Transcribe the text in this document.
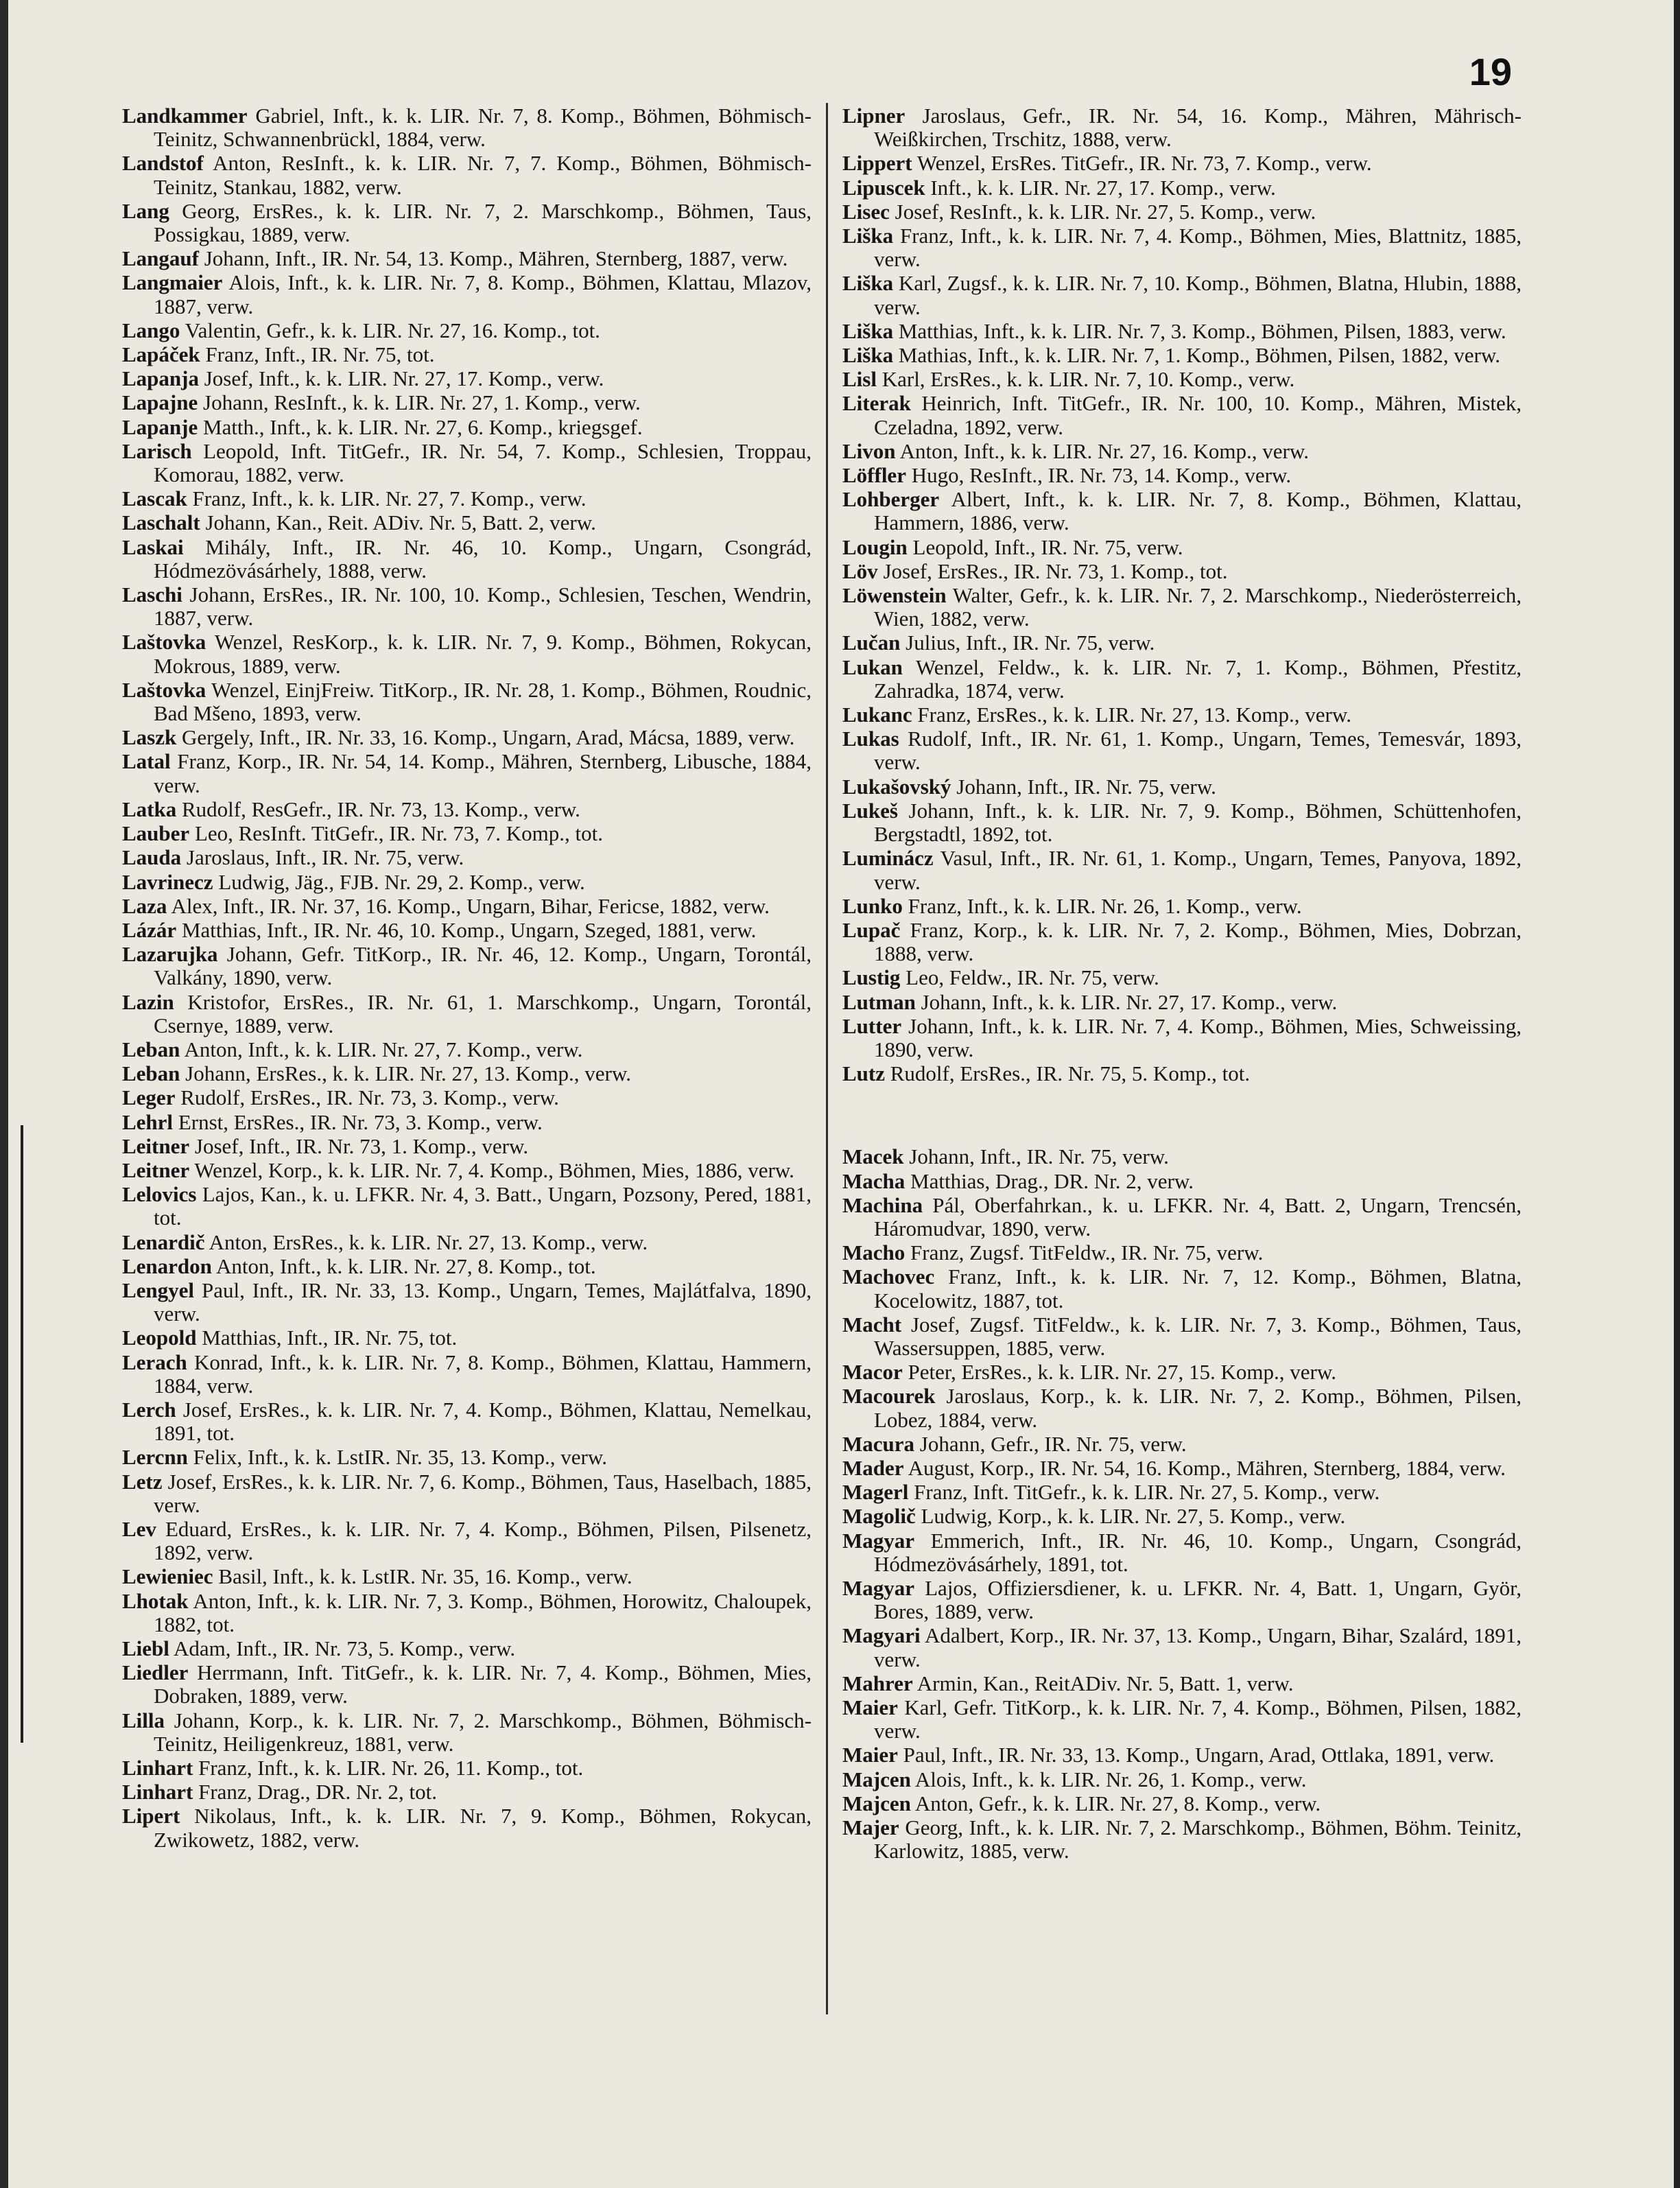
19
Landkammer Gabriel, Inft., k. k. LIR. Nr. 7, 8. Komp., Böhmen, Böhmisch-Teinitz, Schwannenbrückl, 1884, verw.
Landstof Anton, ResInft., k. k. LIR. Nr. 7, 7. Komp., Böhmen, Böhmisch-Teinitz, Stankau, 1882, verw.
Lang Georg, ErsRes., k. k. LIR. Nr. 7, 2. Marschkomp., Böhmen, Taus, Possigkau, 1889, verw.
Langauf Johann, Inft., IR. Nr. 54, 13. Komp., Mähren, Sternberg, 1887, verw.
Langmaier Alois, Inft., k. k. LIR. Nr. 7, 8. Komp., Böhmen, Klattau, Mlazov, 1887, verw.
Lango Valentin, Gefr., k. k. LIR. Nr. 27, 16. Komp., tot.
Lapáček Franz, Inft., IR. Nr. 75, tot.
Lapanja Josef, Inft., k. k. LIR. Nr. 27, 17. Komp., verw.
Lapajne Johann, ResInft., k. k. LIR. Nr. 27, 1. Komp., verw.
Lapanje Matth., Inft., k. k. LIR. Nr. 27, 6. Komp., kriegsgef.
Larisch Leopold, Inft. TitGefr., IR. Nr. 54, 7. Komp., Schlesien, Troppau, Komorau, 1882, verw.
Lascak Franz, Inft., k. k. LIR. Nr. 27, 7. Komp., verw.
Laschalt Johann, Kan., Reit. ADiv. Nr. 5, Batt. 2, verw.
Laskai Mihály, Inft., IR. Nr. 46, 10. Komp., Ungarn, Csongrád, Hódmezövásárhely, 1888, verw.
Laschi Johann, ErsRes., IR. Nr. 100, 10. Komp., Schlesien, Teschen, Wendrin, 1887, verw.
Laštovka Wenzel, ResKorp., k. k. LIR. Nr. 7, 9. Komp., Böhmen, Rokycan, Mokrous, 1889, verw.
Laštovka Wenzel, EinjFreiw. TitKorp., IR. Nr. 28, 1. Komp., Böhmen, Roudnic, Bad Mšeno, 1893, verw.
Laszk Gergely, Inft., IR. Nr. 33, 16. Komp., Ungarn, Arad, Mácsa, 1889, verw.
Latal Franz, Korp., IR. Nr. 54, 14. Komp., Mähren, Sternberg, Libusche, 1884, verw.
Latka Rudolf, ResGefr., IR. Nr. 73, 13. Komp., verw.
Lauber Leo, ResInft. TitGefr., IR. Nr. 73, 7. Komp., tot.
Lauda Jaroslaus, Inft., IR. Nr. 75, verw.
Lavrinecz Ludwig, Jäg., FJB. Nr. 29, 2. Komp., verw.
Laza Alex, Inft., IR. Nr. 37, 16. Komp., Ungarn, Bihar, Fericse, 1882, verw.
Lázár Matthias, Inft., IR. Nr. 46, 10. Komp., Ungarn, Szeged, 1881, verw.
Lazarujka Johann, Gefr. TitKorp., IR. Nr. 46, 12. Komp., Ungarn, Torontál, Valkány, 1890, verw.
Lazin Kristofor, ErsRes., IR. Nr. 61, 1. Marschkomp., Ungarn, Torontál, Csernye, 1889, verw.
Leban Anton, Inft., k. k. LIR. Nr. 27, 7. Komp., verw.
Leban Johann, ErsRes., k. k. LIR. Nr. 27, 13. Komp., verw.
Leger Rudolf, ErsRes., IR. Nr. 73, 3. Komp., verw.
Lehrl Ernst, ErsRes., IR. Nr. 73, 3. Komp., verw.
Leitner Josef, Inft., IR. Nr. 73, 1. Komp., verw.
Leitner Wenzel, Korp., k. k. LIR. Nr. 7, 4. Komp., Böhmen, Mies, 1886, verw.
Lelovics Lajos, Kan., k. u. LFKR. Nr. 4, 3. Batt., Ungarn, Pozsony, Pered, 1881, tot.
Lenardič Anton, ErsRes., k. k. LIR. Nr. 27, 13. Komp., verw.
Lenardon Anton, Inft., k. k. LIR. Nr. 27, 8. Komp., tot.
Lengyel Paul, Inft., IR. Nr. 33, 13. Komp., Ungarn, Temes, Majlátfalva, 1890, verw.
Leopold Matthias, Inft., IR. Nr. 75, tot.
Lerach Konrad, Inft., k. k. LIR. Nr. 7, 8. Komp., Böhmen, Klattau, Hammern, 1884, verw.
Lerch Josef, ErsRes., k. k. LIR. Nr. 7, 4. Komp., Böhmen, Klattau, Nemelkau, 1891, tot.
Lercnn Felix, Inft., k. k. LstIR. Nr. 35, 13. Komp., verw.
Letz Josef, ErsRes., k. k. LIR. Nr. 7, 6. Komp., Böhmen, Taus, Haselbach, 1885, verw.
Lev Eduard, ErsRes., k. k. LIR. Nr. 7, 4. Komp., Böhmen, Pilsen, Pilsenetz, 1892, verw.
Lewieniec Basil, Inft., k. k. LstIR. Nr. 35, 16. Komp., verw.
Lhotak Anton, Inft., k. k. LIR. Nr. 7, 3. Komp., Böhmen, Horowitz, Chaloupek, 1882, tot.
Liebl Adam, Inft., IR. Nr. 73, 5. Komp., verw.
Liedler Herrmann, Inft. TitGefr., k. k. LIR. Nr. 7, 4. Komp., Böhmen, Mies, Dobraken, 1889, verw.
Lilla Johann, Korp., k. k. LIR. Nr. 7, 2. Marschkomp., Böhmen, Böhmisch-Teinitz, Heiligenkreuz, 1881, verw.
Linhart Franz, Inft., k. k. LIR. Nr. 26, 11. Komp., tot.
Linhart Franz, Drag., DR. Nr. 2, tot.
Lipert Nikolaus, Inft., k. k. LIR. Nr. 7, 9. Komp., Böhmen, Rokycan, Zwikowetz, 1882, verw.
Lipner Jaroslaus, Gefr., IR. Nr. 54, 16. Komp., Mähren, Mährisch-Weißkirchen, Trschitz, 1888, verw.
Lippert Wenzel, ErsRes. TitGefr., IR. Nr. 73, 7. Komp., verw.
Lipuscek Inft., k. k. LIR. Nr. 27, 17. Komp., verw.
Lisec Josef, ResInft., k. k. LIR. Nr. 27, 5. Komp., verw.
Liška Franz, Inft., k. k. LIR. Nr. 7, 4. Komp., Böhmen, Mies, Blattnitz, 1885, verw.
Liška Karl, Zugsf., k. k. LIR. Nr. 7, 10. Komp., Böhmen, Blatna, Hlubin, 1888, verw.
Liška Matthias, Inft., k. k. LIR. Nr. 7, 3. Komp., Böhmen, Pilsen, 1883, verw.
Liška Mathias, Inft., k. k. LIR. Nr. 7, 1. Komp., Böhmen, Pilsen, 1882, verw.
Lisl Karl, ErsRes., k. k. LIR. Nr. 7, 10. Komp., verw.
Literak Heinrich, Inft. TitGefr., IR. Nr. 100, 10. Komp., Mähren, Mistek, Czeladna, 1892, verw.
Livon Anton, Inft., k. k. LIR. Nr. 27, 16. Komp., verw.
Löffler Hugo, ResInft., IR. Nr. 73, 14. Komp., verw.
Lohberger Albert, Inft., k. k. LIR. Nr. 7, 8. Komp., Böhmen, Klattau, Hammern, 1886, verw.
Lougin Leopold, Inft., IR. Nr. 75, verw.
Löv Josef, ErsRes., IR. Nr. 73, 1. Komp., tot.
Löwenstein Walter, Gefr., k. k. LIR. Nr. 7, 2. Marschkomp., Niederösterreich, Wien, 1882, verw.
Lučan Julius, Inft., IR. Nr. 75, verw.
Lukan Wenzel, Feldw., k. k. LIR. Nr. 7, 1. Komp., Böhmen, Přestitz, Zahradka, 1874, verw.
Lukanc Franz, ErsRes., k. k. LIR. Nr. 27, 13. Komp., verw.
Lukas Rudolf, Inft., IR. Nr. 61, 1. Komp., Ungarn, Temes, Temesvár, 1893, verw.
Lukašovský Johann, Inft., IR. Nr. 75, verw.
Lukeš Johann, Inft., k. k. LIR. Nr. 7, 9. Komp., Böhmen, Schüttenhofen, Bergstadtl, 1892, tot.
Luminácz Vasul, Inft., IR. Nr. 61, 1. Komp., Ungarn, Temes, Panyova, 1892, verw.
Lunko Franz, Inft., k. k. LIR. Nr. 26, 1. Komp., verw.
Lupač Franz, Korp., k. k. LIR. Nr. 7, 2. Komp., Böhmen, Mies, Dobrzan, 1888, verw.
Lustig Leo, Feldw., IR. Nr. 75, verw.
Lutman Johann, Inft., k. k. LIR. Nr. 27, 17. Komp., verw.
Lutter Johann, Inft., k. k. LIR. Nr. 7, 4. Komp., Böhmen, Mies, Schweissing, 1890, verw.
Lutz Rudolf, ErsRes., IR. Nr. 75, 5. Komp., tot.
Macek Johann, Inft., IR. Nr. 75, verw.
Macha Matthias, Drag., DR. Nr. 2, verw.
Machina Pál, Oberfahrkan., k. u. LFKR. Nr. 4, Batt. 2, Ungarn, Trencsén, Háromudvar, 1890, verw.
Macho Franz, Zugsf. TitFeldw., IR. Nr. 75, verw.
Machovec Franz, Inft., k. k. LIR. Nr. 7, 12. Komp., Böhmen, Blatna, Kocelowitz, 1887, tot.
Macht Josef, Zugsf. TitFeldw., k. k. LIR. Nr. 7, 3. Komp., Böhmen, Taus, Wassersuppen, 1885, verw.
Macor Peter, ErsRes., k. k. LIR. Nr. 27, 15. Komp., verw.
Macourek Jaroslaus, Korp., k. k. LIR. Nr. 7, 2. Komp., Böhmen, Pilsen, Lobez, 1884, verw.
Macura Johann, Gefr., IR. Nr. 75, verw.
Mader August, Korp., IR. Nr. 54, 16. Komp., Mähren, Sternberg, 1884, verw.
Magerl Franz, Inft. TitGefr., k. k. LIR. Nr. 27, 5. Komp., verw.
Magolič Ludwig, Korp., k. k. LIR. Nr. 27, 5. Komp., verw.
Magyar Emmerich, Inft., IR. Nr. 46, 10. Komp., Ungarn, Csongrád, Hódmezövásárhely, 1891, tot.
Magyar Lajos, Offiziersdiener, k. u. LFKR. Nr. 4, Batt. 1, Ungarn, Györ, Bores, 1889, verw.
Magyari Adalbert, Korp., IR. Nr. 37, 13. Komp., Ungarn, Bihar, Szalárd, 1891, verw.
Mahrer Armin, Kan., ReitADiv. Nr. 5, Batt. 1, verw.
Maier Karl, Gefr. TitKorp., k. k. LIR. Nr. 7, 4. Komp., Böhmen, Pilsen, 1882, verw.
Maier Paul, Inft., IR. Nr. 33, 13. Komp., Ungarn, Arad, Ottlaka, 1891, verw.
Majcen Alois, Inft., k. k. LIR. Nr. 26, 1. Komp., verw.
Majcen Anton, Gefr., k. k. LIR. Nr. 27, 8. Komp., verw.
Majer Georg, Inft., k. k. LIR. Nr. 7, 2. Marschkomp., Böhmen, Böhm. Teinitz, Karlowitz, 1885, verw.
